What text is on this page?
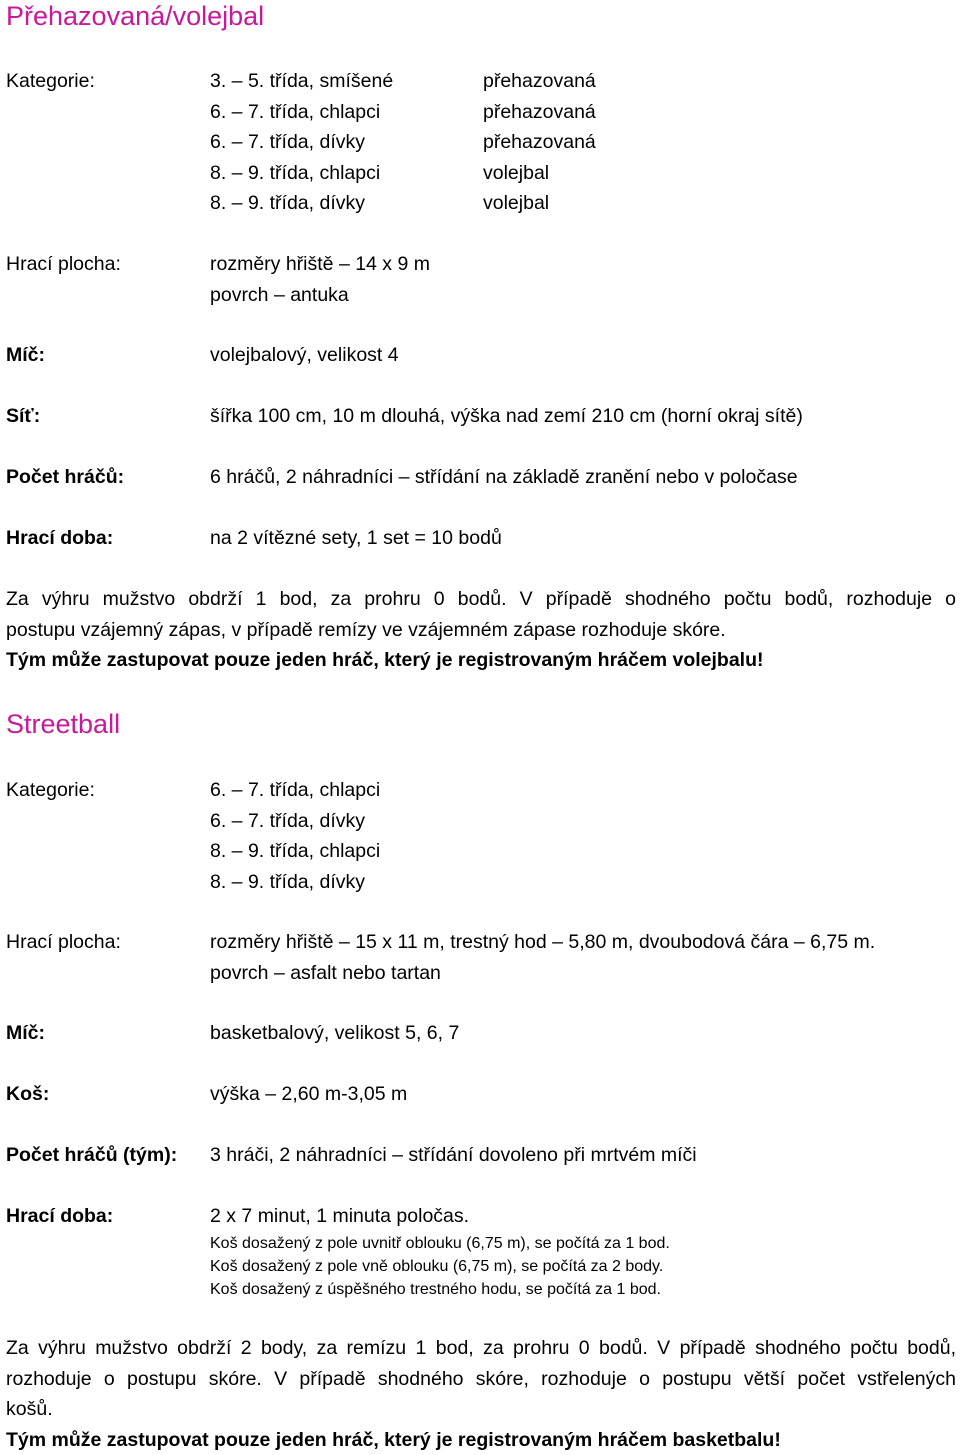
Přehazovaná/volejbal
Kategorie:	3. – 5. třída, smíšené	přehazovaná
6. – 7. třída, chlapci	přehazovaná
6. – 7. třída, dívky	přehazovaná
8. – 9. třída, chlapci	volejbal
8. – 9. třída, dívky	volejbal
Hrací plocha:	rozměry hřiště – 14 x 9 m
povrch – antuka
Míč:	volejbalový, velikost 4
Síť:	šířka 100 cm, 10 m dlouhá, výška nad zemí 210 cm (horní okraj sítě)
Počet hráčů:	6 hráčů, 2 náhradníci – střídání na základě zranění nebo v poločase
Hrací doba:	na 2 vítězné sety, 1 set = 10 bodů
Za výhru mužstvo obdrží 1 bod, za prohru 0 bodů. V případě shodného počtu bodů, rozhoduje o
postupu vzájemný zápas, v případě remízy ve vzájemném zápase rozhoduje skóre.
Tým může zastupovat pouze jeden hráč, který je registrovaným hráčem volejbalu!
Streetball
Kategorie:	6. – 7. třída, chlapci
6. – 7. třída, dívky
8. – 9. třída, chlapci
8. – 9. třída, dívky
Hrací plocha:	rozměry hřiště – 15 x 11 m, trestný hod – 5,80 m, dvoubodová čára – 6,75 m.
povrch – asfalt nebo tartan
Míč:	basketbalový, velikost 5, 6, 7
Koš:	výška – 2,60 m-3,05 m
Počet hráčů (tým): 3 hráči, 2 náhradníci – střídání dovoleno při mrtvém míči
Hrací doba:	2 x 7 minut, 1 minuta poločas.
Koš dosažený z pole uvnitř oblouku (6,75 m), se počítá za 1 bod.
Koš dosažený z pole vně oblouku (6,75 m), se počítá za 2 body.
Koš dosažený z úspěšného trestného hodu, se počítá za 1 bod.
Za výhru mužstvo obdrží 2 body, za remízu 1 bod, za prohru 0 bodů. V případě shodného počtu bodů,
rozhoduje o postupu skóre. V případě shodného skóre, rozhoduje o postupu větší počet vstřelených
košů.
Tým může zastupovat pouze jeden hráč, který je registrovaným hráčem basketbalu!
